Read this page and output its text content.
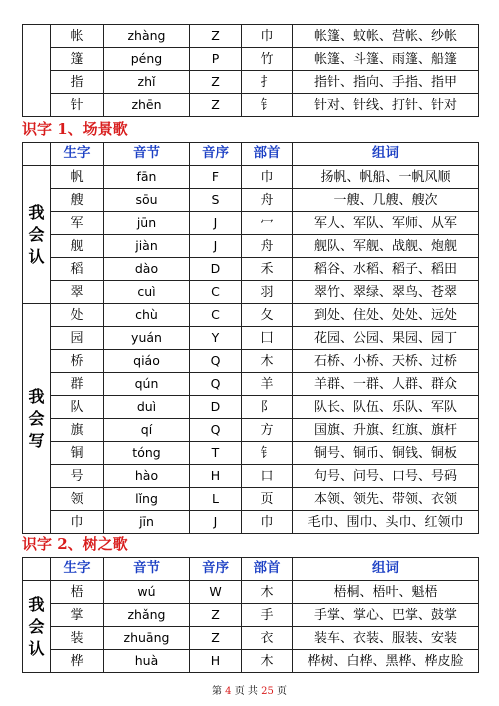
	帐	zhàng	Z	巾	帐篷、蚊帐、营帐、纱帐
	篷	péng	P	竹	帐篷、斗篷、雨篷、船篷
	指	zhǐ	Z	扌	指针、指向、手指、指甲
	针	zhēn	Z	钅	针对、针线、打针、针对
识字 1、场景歌
	生字	音节	音序	部首	组词

我
会
认	帆	fān	F	巾	扬帆、帆船、一帆风顺
	艘	sōu	S	舟	一艘、几艘、艘次
	军	jūn	J	冖	军人、军队、军师、从军
	舰	jiàn	J	舟	舰队、军舰、战舰、炮舰
	稻	dào	D	禾	稻谷、水稻、稻子、稻田
	翠	cuì	C	羽	翠竹、翠绿、翠鸟、苍翠

我
会
写	处	chù	C	夂	到处、住处、处处、远处
	园	yuán	Y	囗	花园、公园、果园、园丁
	桥	qiáo	Q	木	石桥、小桥、天桥、过桥
	群	qún	Q	羊	羊群、一群、人群、群众
	队	duì	D	阝	队长、队伍、乐队、军队
	旗	qí	Q	方	国旗、升旗、红旗、旗杆
	铜	tóng	T	钅	铜号、铜币、铜钱、铜板
	号	hào	H	口	句号、问号、口号、号码
	领	lǐng	L	页	本领、领先、带领、衣领
	巾	jīn	J	巾	毛巾、围巾、头巾、红领巾
识字 2、树之歌
	生字	音节	音序	部首	组词

我
会
认	梧	wú	W	木	梧桐、梧叶、魁梧
	掌	zhǎng	Z	手	手掌、掌心、巴掌、鼓掌
	装	zhuāng	Z	衣	装车、衣装、服装、安装
	桦	huà	H	木	桦树、白桦、黑桦、桦皮脸
第 4 页 共 25 页
